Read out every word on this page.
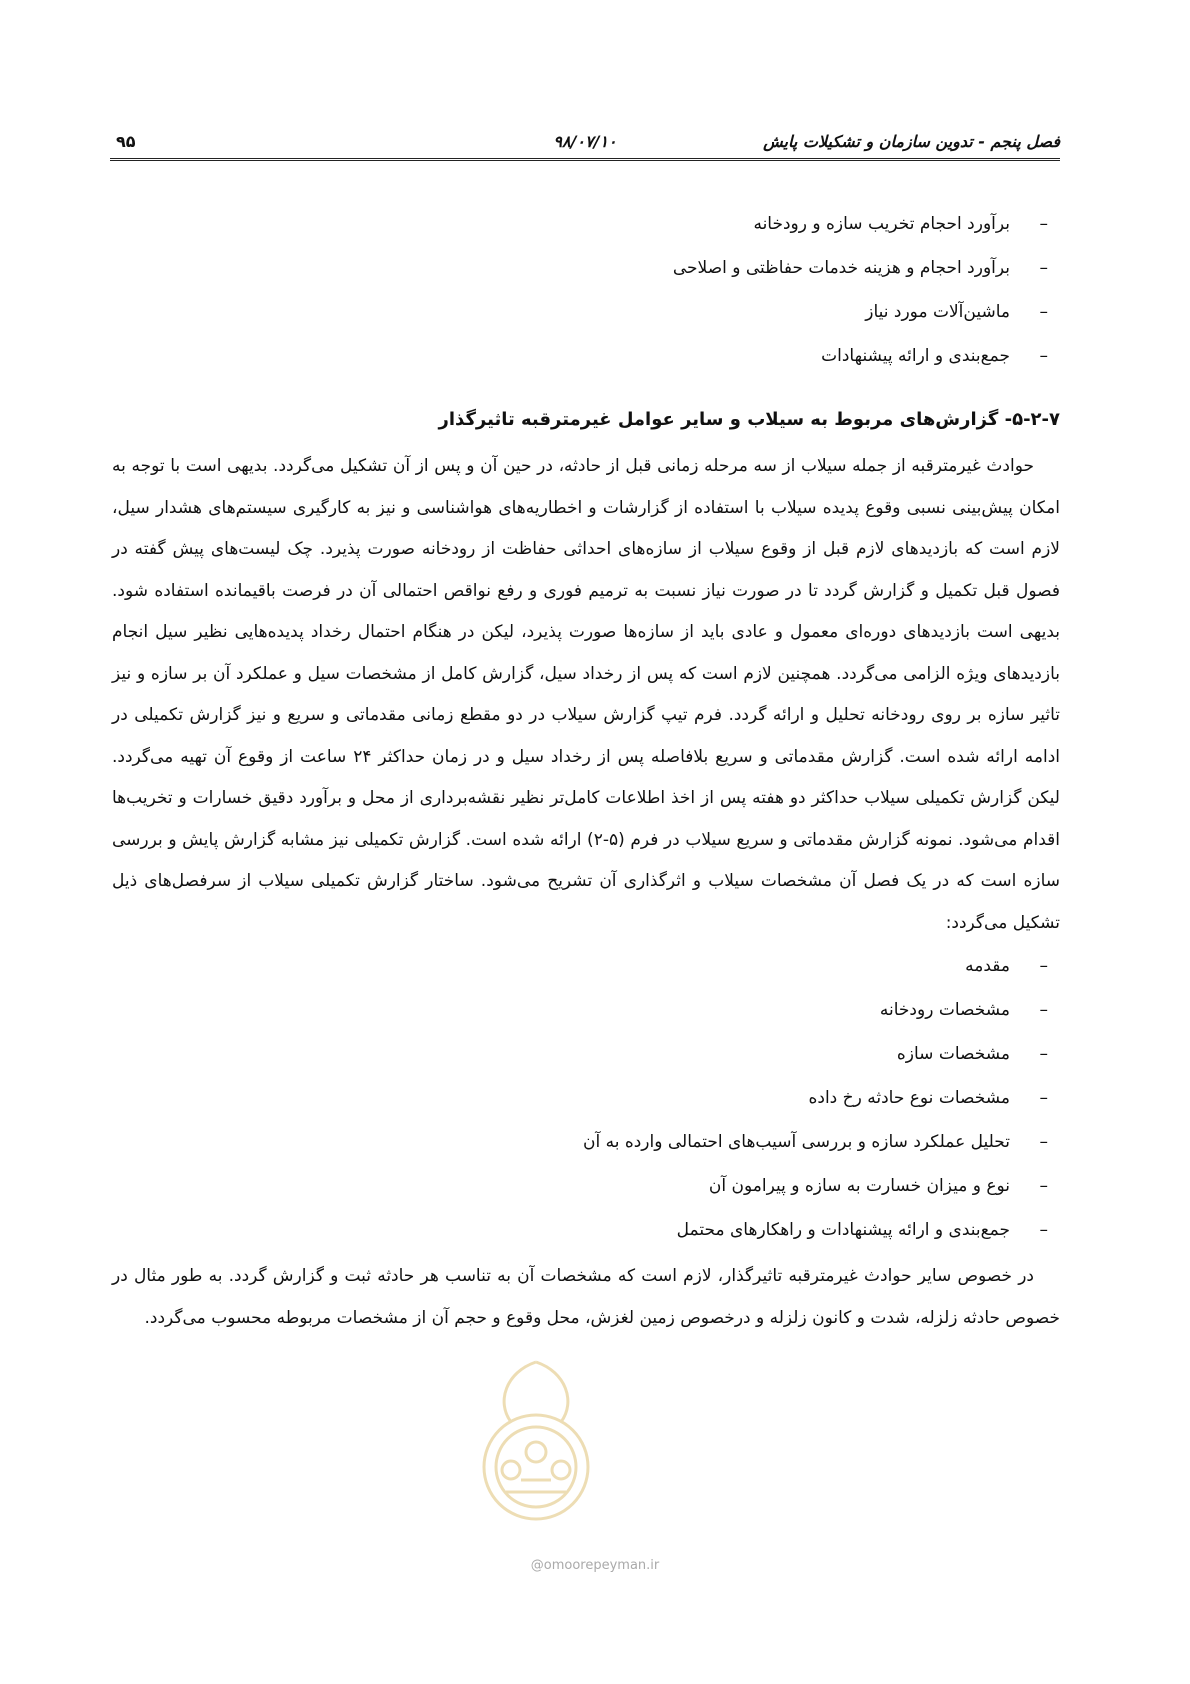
فصل پنجم - تدوین سازمان و تشکیلات پایش
۹۸/۰۷/۱۰
۹۵
–
برآورد احجام تخریب سازه و رودخانه
–
برآورد احجام و هزینه خدمات حفاظتی و اصلاحی
–
ماشین‌آلات مورد نیاز
–
جمع‌بندی و ارائه پیشنهادات
۵-۲-۷- گزارش‌های مربوط به سیلاب و سایر عوامل غیرمترقبه تاثیرگذار

حوادث غیرمترقبه از جمله سیلاب از سه مرحله زمانی قبل از حادثه، در حین آن و پس از آن تشکیل می‌گردد. بدیهی است با توجه به امکان پیش‌بینی نسبی وقوع پدیده سیلاب با استفاده از گزارشات و اخطاریه‌های هواشناسی و نیز به کارگیری سیستم‌های هشدار سیل، لازم است که بازدیدهای لازم قبل از وقوع سیلاب از سازه‌های احداثی حفاظت از رودخانه صورت پذیرد. چک لیست‌های پیش گفته در فصول قبل تکمیل و گزارش گردد تا در صورت نیاز نسبت به ترمیم فوری و رفع نواقص احتمالی آن در فرصت باقیمانده استفاده شود. بدیهی است بازدیدهای دوره‌ای معمول و عادی باید از سازه‌ها صورت پذیرد، لیکن در هنگام احتمال رخداد پدیده‌هایی نظیر سیل انجام بازدیدهای ویژه الزامی می‌گردد. همچنین لازم است که پس از رخداد سیل، گزارش کامل از مشخصات سیل و عملکرد آن بر سازه و نیز تاثیر سازه بر روی رودخانه تحلیل و ارائه گردد. فرم تیپ گزارش سیلاب در دو مقطع زمانی مقدماتی و سریع و نیز گزارش تکمیلی در ادامه ارائه شده است. گزارش مقدماتی و سریع بلافاصله پس از رخداد سیل و در زمان حداکثر ۲۴ ساعت از وقوع آن تهیه می‌گردد. لیکن گزارش تکمیلی سیلاب حداکثر دو هفته پس از اخذ اطلاعات کامل‌تر نظیر نقشه‌برداری از محل و برآورد دقیق خسارات و تخریب‌ها اقدام می‌شود. نمونه گزارش مقدماتی و سریع سیلاب در فرم (۵-۲) ارائه شده است. گزارش تکمیلی نیز مشابه گزارش پایش و بررسی سازه است که در یک فصل آن مشخصات سیلاب و اثرگذاری آن تشریح می‌شود. ساختار گزارش تکمیلی سیلاب از سرفصل‌های ذیل تشکیل می‌گردد:

–
مقدمه
–
مشخصات رودخانه
–
مشخصات سازه
–
مشخصات نوع حادثه رخ داده
–
تحلیل عملکرد سازه و بررسی آسیب‌های احتمالی وارده به آن
–
نوع و میزان خسارت به سازه و پیرامون آن
–
جمع‌بندی و ارائه پیشنهادات و راهکارهای محتمل

در خصوص سایر حوادث غیرمترقبه تاثیرگذار، لازم است که مشخصات آن به تناسب هر حادثه ثبت و گزارش گردد. به طور مثال در خصوص حادثه زلزله، شدت و کانون زلزله و درخصوص زمین لغزش، محل وقوع و حجم آن از مشخصات مربوطه محسوب می‌گردد.

@omoorepeyman.ir
